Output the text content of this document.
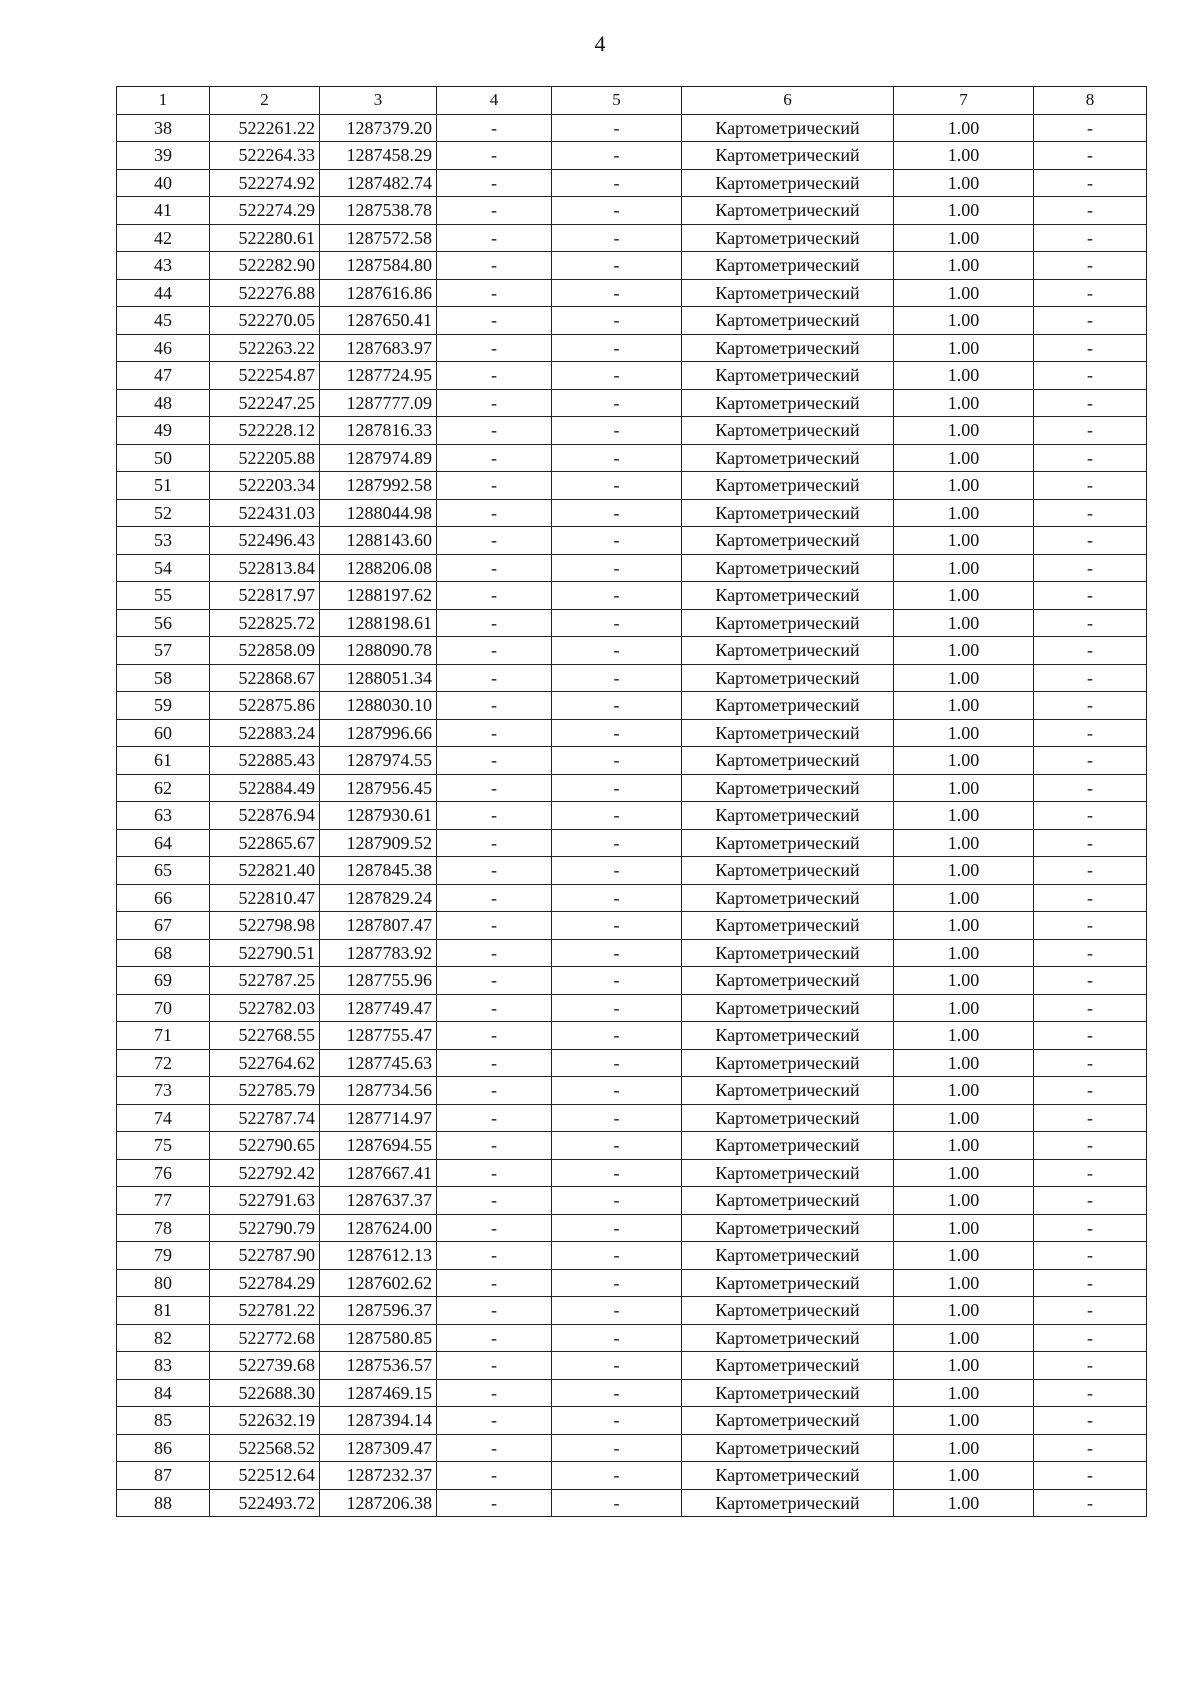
4
1	2	3	4	5	6	7	8
38	522261.22	1287379.20	-	-	Картометрический	1.00	-
39	522264.33	1287458.29	-	-	Картометрический	1.00	-
40	522274.92	1287482.74	-	-	Картометрический	1.00	-
41	522274.29	1287538.78	-	-	Картометрический	1.00	-
42	522280.61	1287572.58	-	-	Картометрический	1.00	-
43	522282.90	1287584.80	-	-	Картометрический	1.00	-
44	522276.88	1287616.86	-	-	Картометрический	1.00	-
45	522270.05	1287650.41	-	-	Картометрический	1.00	-
46	522263.22	1287683.97	-	-	Картометрический	1.00	-
47	522254.87	1287724.95	-	-	Картометрический	1.00	-
48	522247.25	1287777.09	-	-	Картометрический	1.00	-
49	522228.12	1287816.33	-	-	Картометрический	1.00	-
50	522205.88	1287974.89	-	-	Картометрический	1.00	-
51	522203.34	1287992.58	-	-	Картометрический	1.00	-
52	522431.03	1288044.98	-	-	Картометрический	1.00	-
53	522496.43	1288143.60	-	-	Картометрический	1.00	-
54	522813.84	1288206.08	-	-	Картометрический	1.00	-
55	522817.97	1288197.62	-	-	Картометрический	1.00	-
56	522825.72	1288198.61	-	-	Картометрический	1.00	-
57	522858.09	1288090.78	-	-	Картометрический	1.00	-
58	522868.67	1288051.34	-	-	Картометрический	1.00	-
59	522875.86	1288030.10	-	-	Картометрический	1.00	-
60	522883.24	1287996.66	-	-	Картометрический	1.00	-
61	522885.43	1287974.55	-	-	Картометрический	1.00	-
62	522884.49	1287956.45	-	-	Картометрический	1.00	-
63	522876.94	1287930.61	-	-	Картометрический	1.00	-
64	522865.67	1287909.52	-	-	Картометрический	1.00	-
65	522821.40	1287845.38	-	-	Картометрический	1.00	-
66	522810.47	1287829.24	-	-	Картометрический	1.00	-
67	522798.98	1287807.47	-	-	Картометрический	1.00	-
68	522790.51	1287783.92	-	-	Картометрический	1.00	-
69	522787.25	1287755.96	-	-	Картометрический	1.00	-
70	522782.03	1287749.47	-	-	Картометрический	1.00	-
71	522768.55	1287755.47	-	-	Картометрический	1.00	-
72	522764.62	1287745.63	-	-	Картометрический	1.00	-
73	522785.79	1287734.56	-	-	Картометрический	1.00	-
74	522787.74	1287714.97	-	-	Картометрический	1.00	-
75	522790.65	1287694.55	-	-	Картометрический	1.00	-
76	522792.42	1287667.41	-	-	Картометрический	1.00	-
77	522791.63	1287637.37	-	-	Картометрический	1.00	-
78	522790.79	1287624.00	-	-	Картометрический	1.00	-
79	522787.90	1287612.13	-	-	Картометрический	1.00	-
80	522784.29	1287602.62	-	-	Картометрический	1.00	-
81	522781.22	1287596.37	-	-	Картометрический	1.00	-
82	522772.68	1287580.85	-	-	Картометрический	1.00	-
83	522739.68	1287536.57	-	-	Картометрический	1.00	-
84	522688.30	1287469.15	-	-	Картометрический	1.00	-
85	522632.19	1287394.14	-	-	Картометрический	1.00	-
86	522568.52	1287309.47	-	-	Картометрический	1.00	-
87	522512.64	1287232.37	-	-	Картометрический	1.00	-
88	522493.72	1287206.38	-	-	Картометрический	1.00	-
